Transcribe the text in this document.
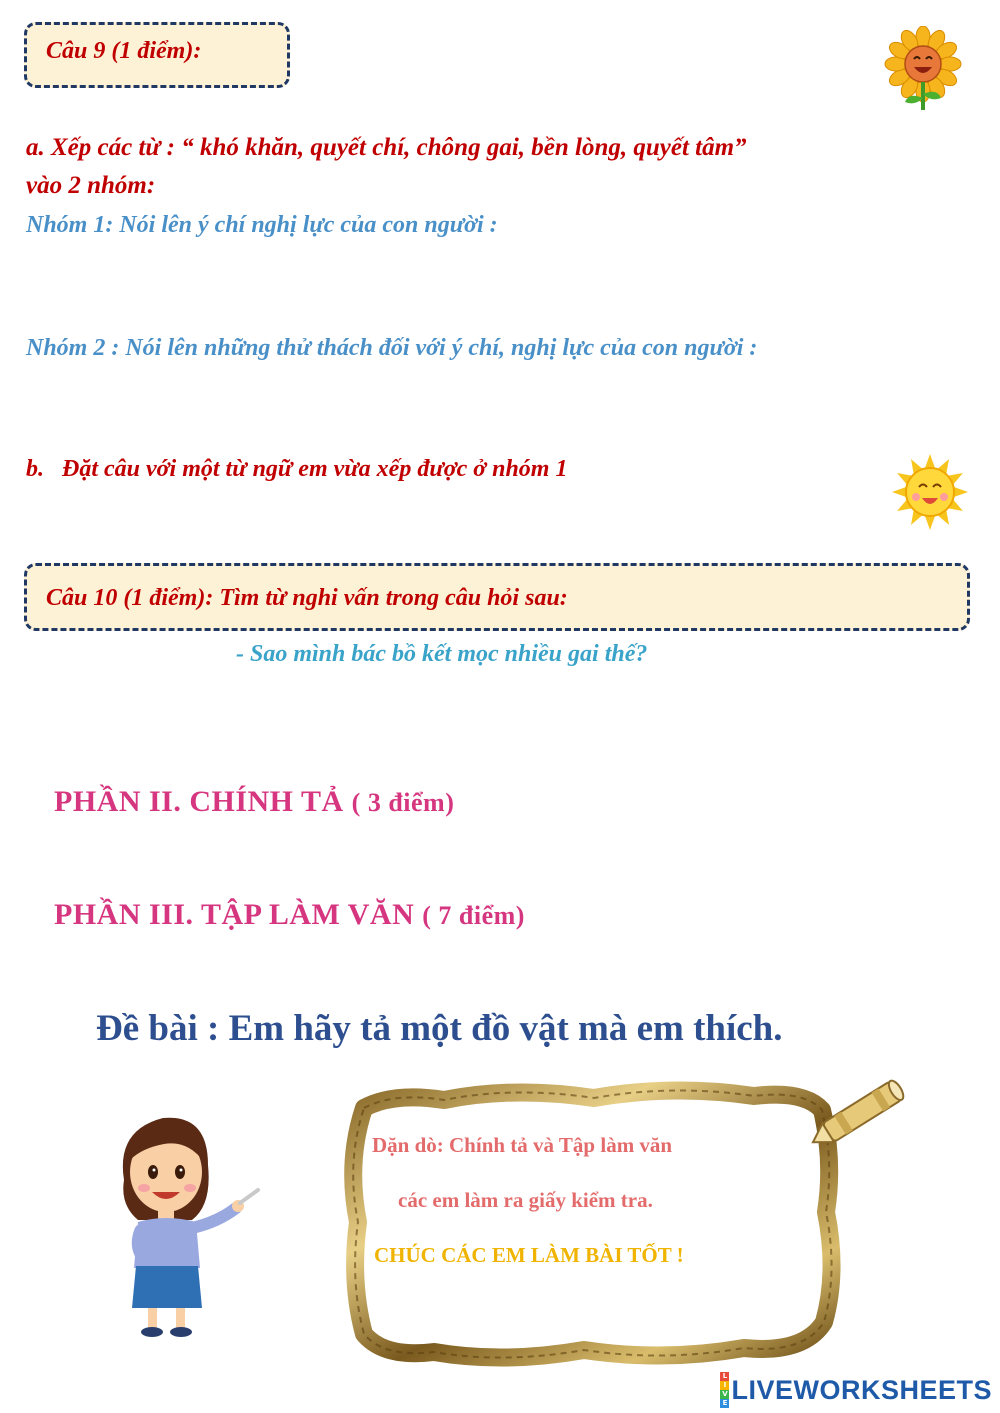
Câu 9 (1 điểm):
a. Xếp các từ : “ khó khăn, quyết chí, chông gai, bền lòng, quyết tâm”
vào 2 nhóm:
Nhóm 1: Nói lên ý chí nghị lực của con người :
Nhóm 2 : Nói lên những thử thách đối với ý chí, nghị lực của con người :
b. Đặt câu với một từ ngữ em vừa xếp được ở nhóm 1
Câu 10 (1 điểm): Tìm từ nghi vấn trong câu hỏi sau:
- Sao mình bác bồ kết mọc nhiều gai thế?
PHẦN II. CHÍNH TẢ ( 3 điểm)
PHẦN III. TẬP LÀM VĂN ( 7 điểm)
Đề bài : Em hãy tả một đồ vật mà em thích.
Dặn dò: Chính tả và Tập làm văn
các em làm ra giấy kiểm tra.
CHÚC CÁC EM LÀM BÀI TỐT !
L
I
V
E LIVEWORKSHEETS
